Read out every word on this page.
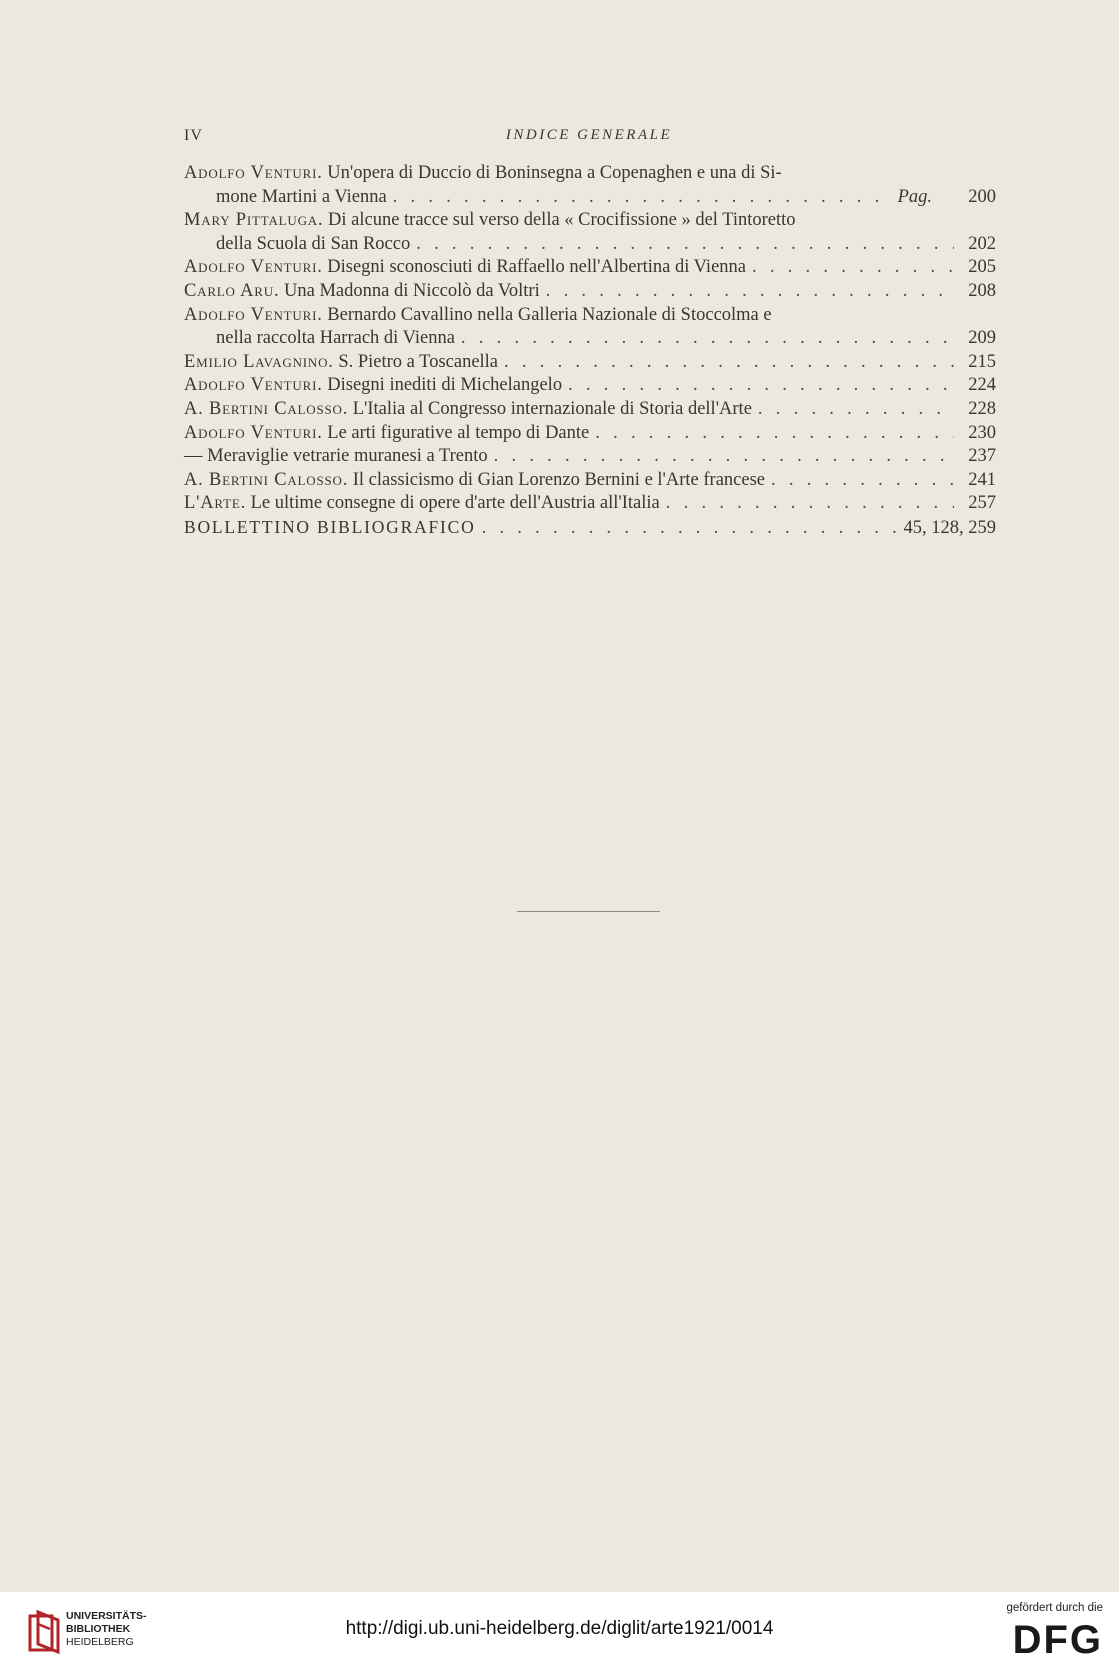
IV	INDICE GENERALE
Adolfo Venturi. Un'opera di Duccio di Boninsegna a Copenaghen e una di Si-
mone Martini a Vienna . . .	Pag.	200
Mary Pittaluga. Di alcune tracce sul verso della « Crocifissione » del Tintoretto
della Scuola di San Rocco . . .	202
Adolfo Venturi. Disegni sconosciuti di Raffaello nell'Albertina di Vienna . . .	205
Carlo Aru. Una Madonna di Niccolò da Voltri . . .	208
Adolfo Venturi. Bernardo Cavallino nella Galleria Nazionale di Stoccolma e
nella raccolta Harrach di Vienna . . .	209
Emilio Lavagnino. S. Pietro a Toscanella . . .	215
Adolfo Venturi. Disegni inediti di Michelangelo . . .	224
A. Bertini Calosso. L'Italia al Congresso internazionale di Storia dell'Arte . . .	228
Adolfo Venturi. Le arti figurative al tempo di Dante . . .	230
— Meraviglie vetrarie muranesi a Trento . . .	237
A. Bertini Calosso. Il classicismo di Gian Lorenzo Bernini e l'Arte francese . . .	241
L'Arte. Le ultime consegne di opere d'arte dell'Austria all'Italia . . .	257
BOLLETTINO BIBLIOGRAFICO . . .	45, 128, 259
UNIVERSITÄTS-
BIBLIOTHEK
HEIDELBERG
http://digi.ub.uni-heidelberg.de/diglit/arte1921/0014
gefördert durch die
DFG
